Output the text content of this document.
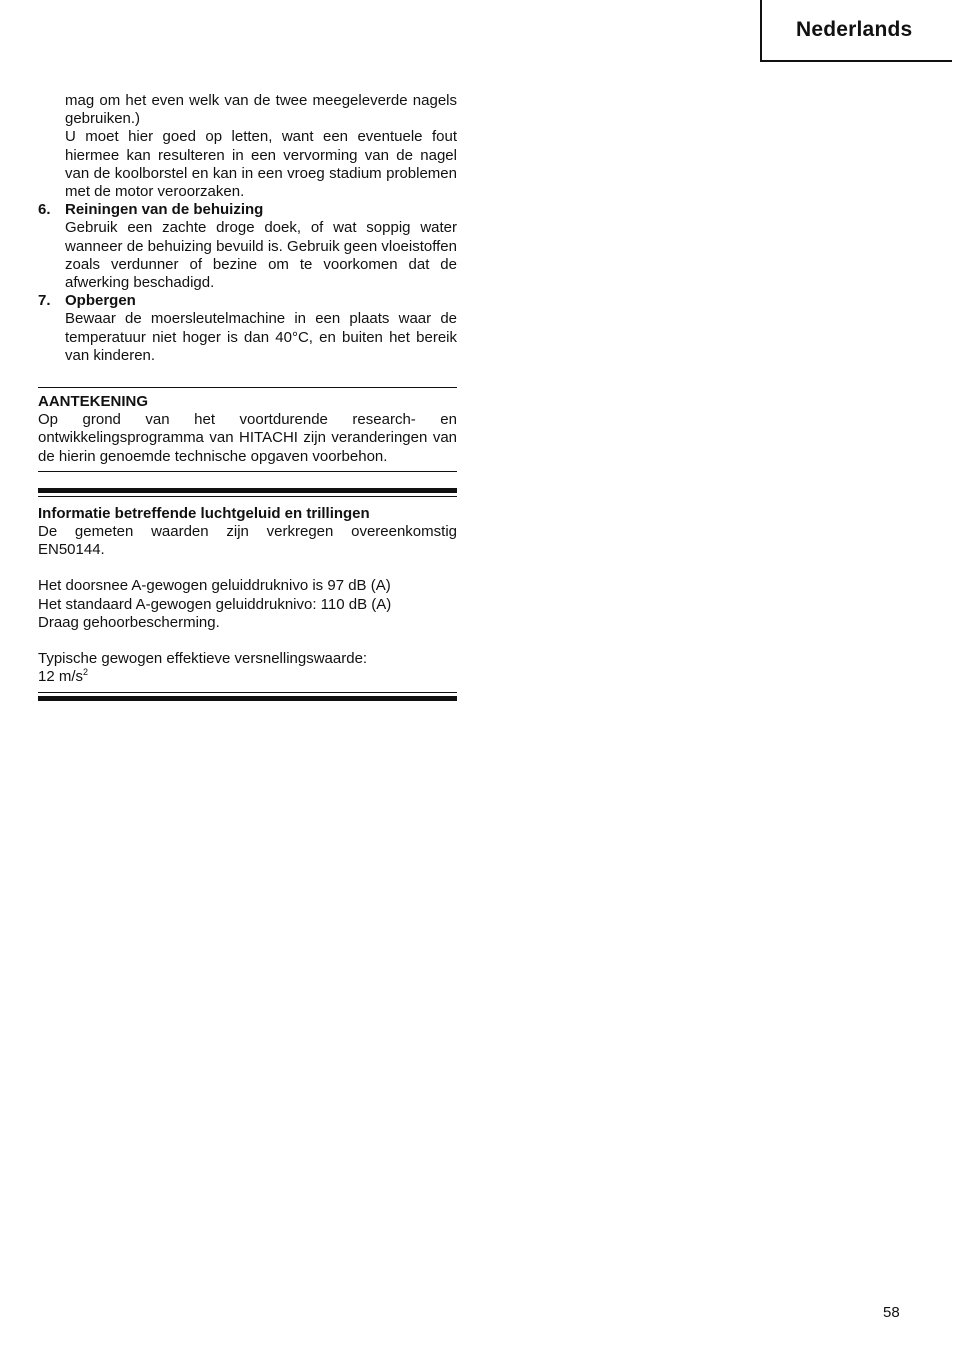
Nederlands
mag om het even welk van de twee meegeleverde nagels gebruiken.)
U moet hier goed op letten, want een eventuele fout hiermee kan resulteren in een vervorming van de nagel van de koolborstel en kan in een vroeg stadium problemen met de motor veroorzaken.
6. Reiningen van de behuizing
Gebruik een zachte droge doek, of wat soppig water wanneer de behuizing bevuild is. Gebruik geen vloeistoffen zoals verdunner of bezine om te voorkomen dat de afwerking beschadigd.
7. Opbergen
Bewaar de moersleutelmachine in een plaats waar de temperatuur niet hoger is dan 40°C, en buiten het bereik van kinderen.
AANTEKENING
Op grond van het voortdurende research- en ontwikkelingsprogramma van HITACHI zijn veranderingen van de hierin genoemde technische opgaven voorbehon.
Informatie betreffende luchtgeluid en trillingen
De gemeten waarden zijn verkregen overeenkomstig EN50144.
Het doorsnee A-gewogen geluiddruknivo is 97 dB (A)
Het standaard A-gewogen geluiddruknivo: 110 dB (A)
Draag gehoorbescherming.
Typische gewogen effektieve versnellingswaarde:
12 $m/s^2$
58
